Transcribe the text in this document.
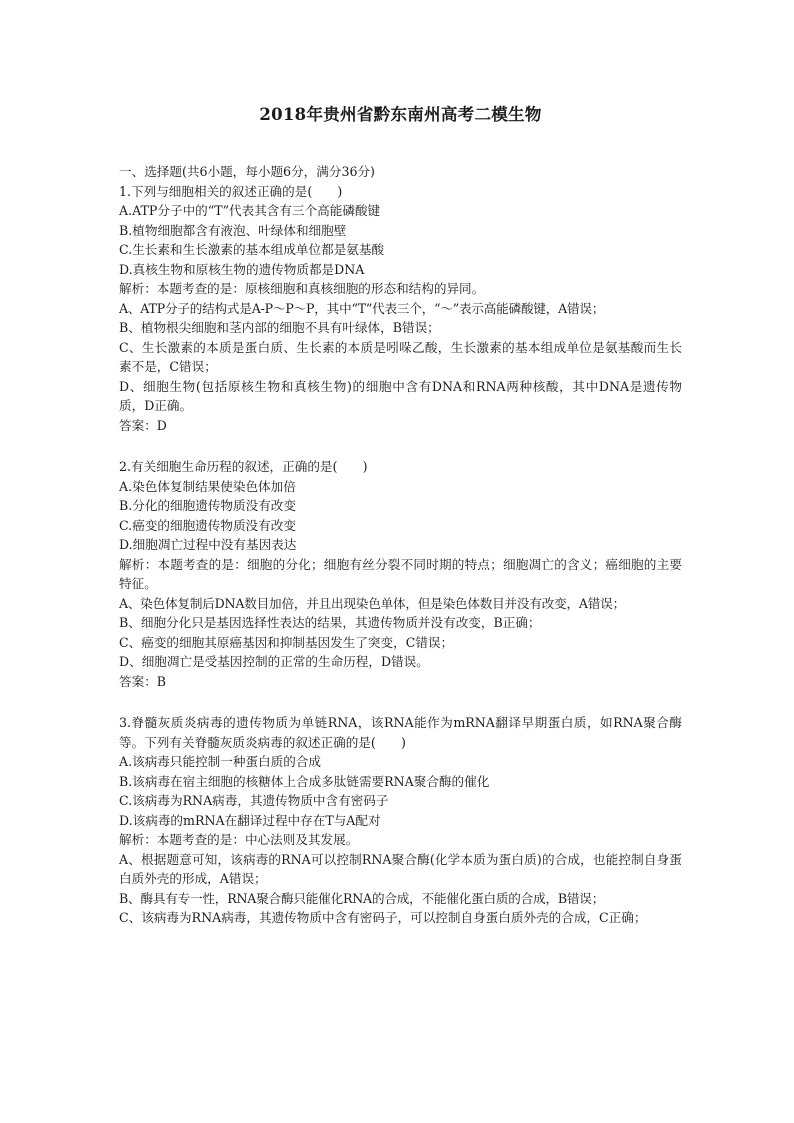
2018年贵州省黔东南州高考二模生物
一、选择题(共6小题，每小题6分，满分36分)

1.下列与细胞相关的叙述正确的是(　　)

A.ATP分子中的“T”代表其含有三个高能磷酸键

B.植物细胞都含有液泡、叶绿体和细胞壁

C.生长素和生长激素的基本组成单位都是氨基酸

D.真核生物和原核生物的遗传物质都是DNA

解析：本题考查的是：原核细胞和真核细胞的形态和结构的异同。

A、ATP分子的结构式是A-P～P～P，其中“T”代表三个，“～”表示高能磷酸键，A错误；

B、植物根尖细胞和茎内部的细胞不具有叶绿体，B错误；

C、生长激素的本质是蛋白质、生长素的本质是吲哚乙酸，生长激素的基本组成单位是氨基酸而生长素不是，C错误；

D、细胞生物(包括原核生物和真核生物)的细胞中含有DNA和RNA两种核酸，其中DNA是遗传物质，D正确。

答案：D

2.有关细胞生命历程的叙述，正确的是(　　)

A.染色体复制结果使染色体加倍

B.分化的细胞遗传物质没有改变

C.癌变的细胞遗传物质没有改变

D.细胞凋亡过程中没有基因表达

解析：本题考查的是：细胞的分化；细胞有丝分裂不同时期的特点；细胞凋亡的含义；癌细胞的主要特征。

A、染色体复制后DNA数目加倍，并且出现染色单体，但是染色体数目并没有改变，A错误；

B、细胞分化只是基因选择性表达的结果，其遗传物质并没有改变，B正确；

C、癌变的细胞其原癌基因和抑制基因发生了突变，C错误；

D、细胞凋亡是受基因控制的正常的生命历程，D错误。

答案：B

3.脊髓灰质炎病毒的遗传物质为单链RNA，该RNA能作为mRNA翻译早期蛋白质，如RNA聚合酶等。下列有关脊髓灰质炎病毒的叙述正确的是(　　)

A.该病毒只能控制一种蛋白质的合成

B.该病毒在宿主细胞的核糖体上合成多肽链需要RNA聚合酶的催化

C.该病毒为RNA病毒，其遗传物质中含有密码子

D.该病毒的mRNA在翻译过程中存在T与A配对

解析：本题考查的是：中心法则及其发展。

A、根据题意可知，该病毒的RNA可以控制RNA聚合酶(化学本质为蛋白质)的合成，也能控制自身蛋白质外壳的形成，A错误；

B、酶具有专一性，RNA聚合酶只能催化RNA的合成，不能催化蛋白质的合成，B错误；

C、该病毒为RNA病毒，其遗传物质中含有密码子，可以控制自身蛋白质外壳的合成，C正确；
